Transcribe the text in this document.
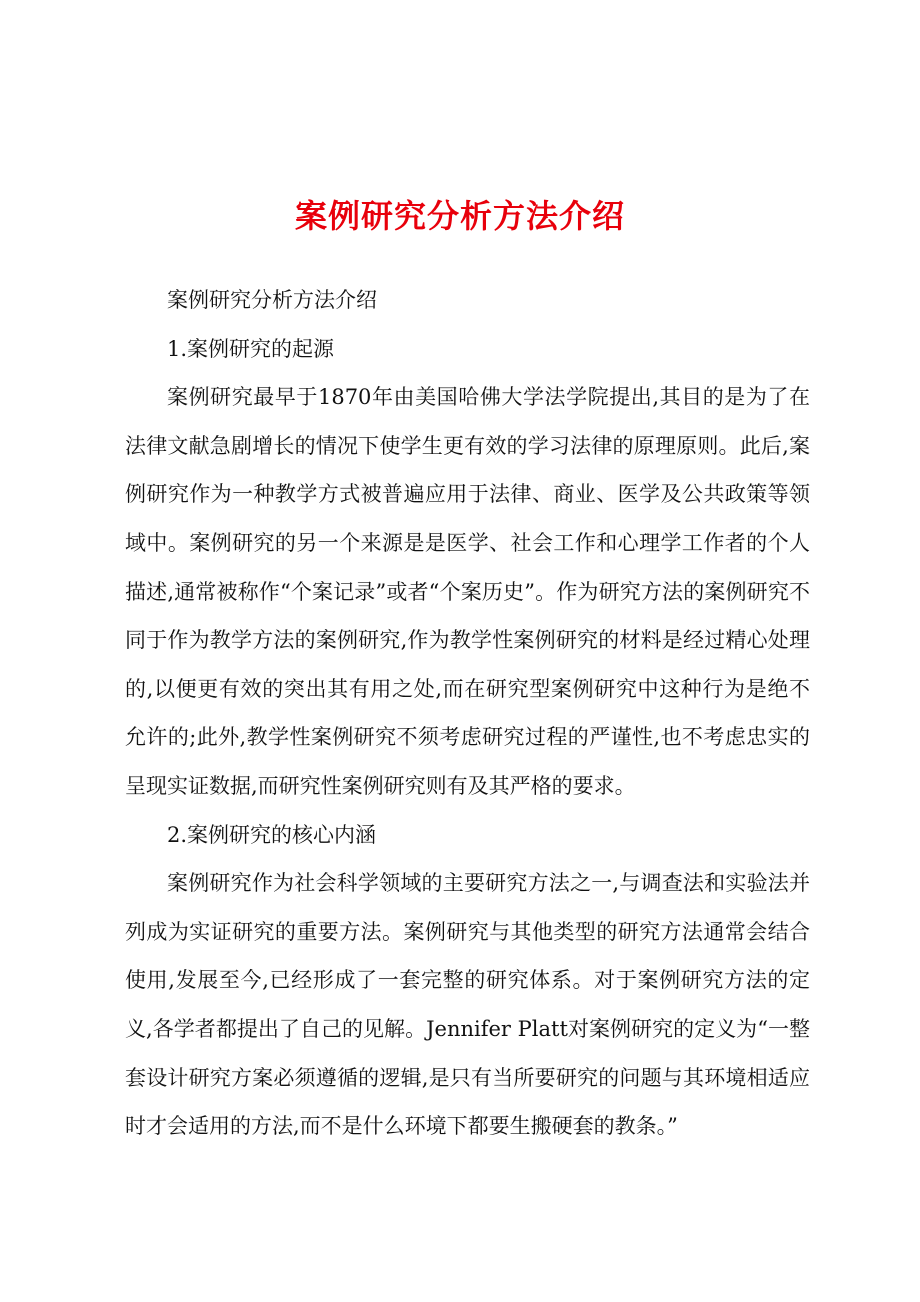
案例研究分析方法介绍

案例研究分析方法介绍

1.案例研究的起源

案例研究最早于1870年由美国哈佛大学法学院提出,其目的是为了在法律文献急剧增长的情况下使学生更有效的学习法律的原理原则。此后,案例研究作为一种教学方式被普遍应用于法律、商业、医学及公共政策等领域中。案例研究的另一个来源是是医学、社会工作和心理学工作者的个人描述,通常被称作“个案记录”或者“个案历史”。作为研究方法的案例研究不同于作为教学方法的案例研究,作为教学性案例研究的材料是经过精心处理的,以便更有效的突出其有用之处,而在研究型案例研究中这种行为是绝不允许的;此外,教学性案例研究不须考虑研究过程的严谨性,也不考虑忠实的呈现实证数据,而研究性案例研究则有及其严格的要求。

2.案例研究的核心内涵

案例研究作为社会科学领域的主要研究方法之一,与调查法和实验法并列成为实证研究的重要方法。案例研究与其他类型的研究方法通常会结合使用,发展至今,已经形成了一套完整的研究体系。对于案例研究方法的定义,各学者都提出了自己的见解。Jennifer Platt对案例研究的定义为“一整套设计研究方案必须遵循的逻辑,是只有当所要研究的问题与其环境相适应时才会适用的方法,而不是什么环境下都要生搬硬套的教条。”
